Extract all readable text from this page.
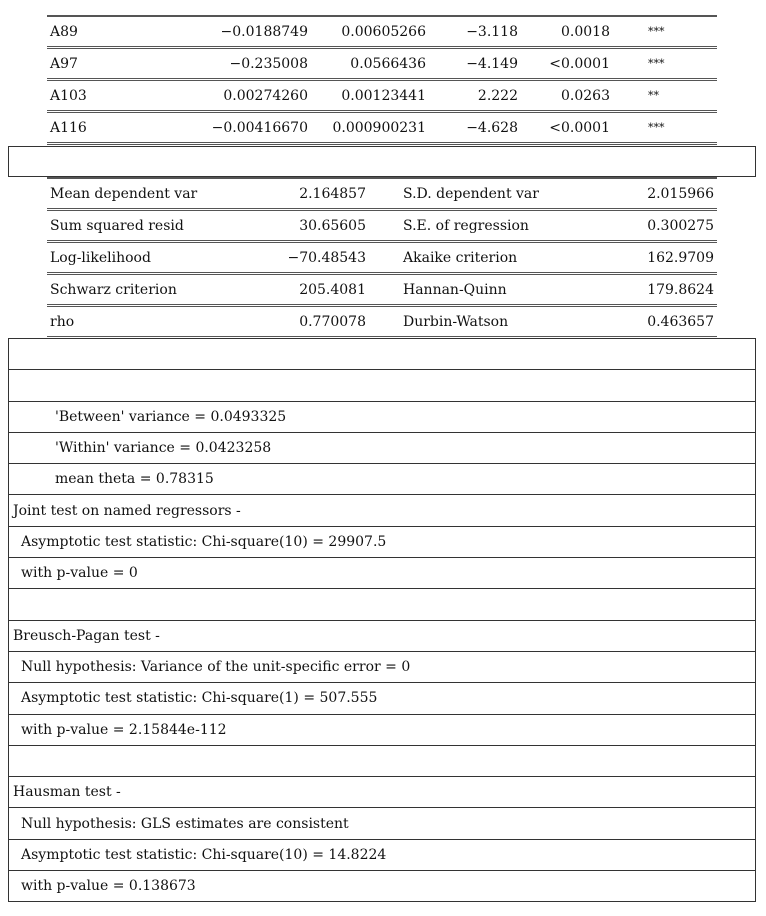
A89	−0.0188749	0.00605266	−3.118	0.0018	***
A97	−0.235008	0.0566436	−4.149	<0.0001	***
A103	0.00274260	0.00123441	2.222	0.0263	**
A116	−0.00416670	0.000900231	−4.628	<0.0001	***
Mean dependent var	2.164857	S.D. dependent var	2.015966
Sum squared resid	30.65605	S.E. of regression	0.300275
Log-likelihood	−70.48543	Akaike criterion	162.9709
Schwarz criterion	205.4081	Hannan-Quinn	179.8624
rho	0.770078	Durbin-Watson	0.463657

'Between' variance = 0.0493325
'Within' variance = 0.0423258
mean theta = 0.78315
Joint test on named regressors -
Asymptotic test statistic: Chi-square(10) = 29907.5
with p-value = 0

Breusch-Pagan test -
Null hypothesis: Variance of the unit-specific error = 0
Asymptotic test statistic: Chi-square(1) = 507.555
with p-value = 2.15844e-112

Hausman test -
Null hypothesis: GLS estimates are consistent
Asymptotic test statistic: Chi-square(10) = 14.8224
with p-value = 0.138673
